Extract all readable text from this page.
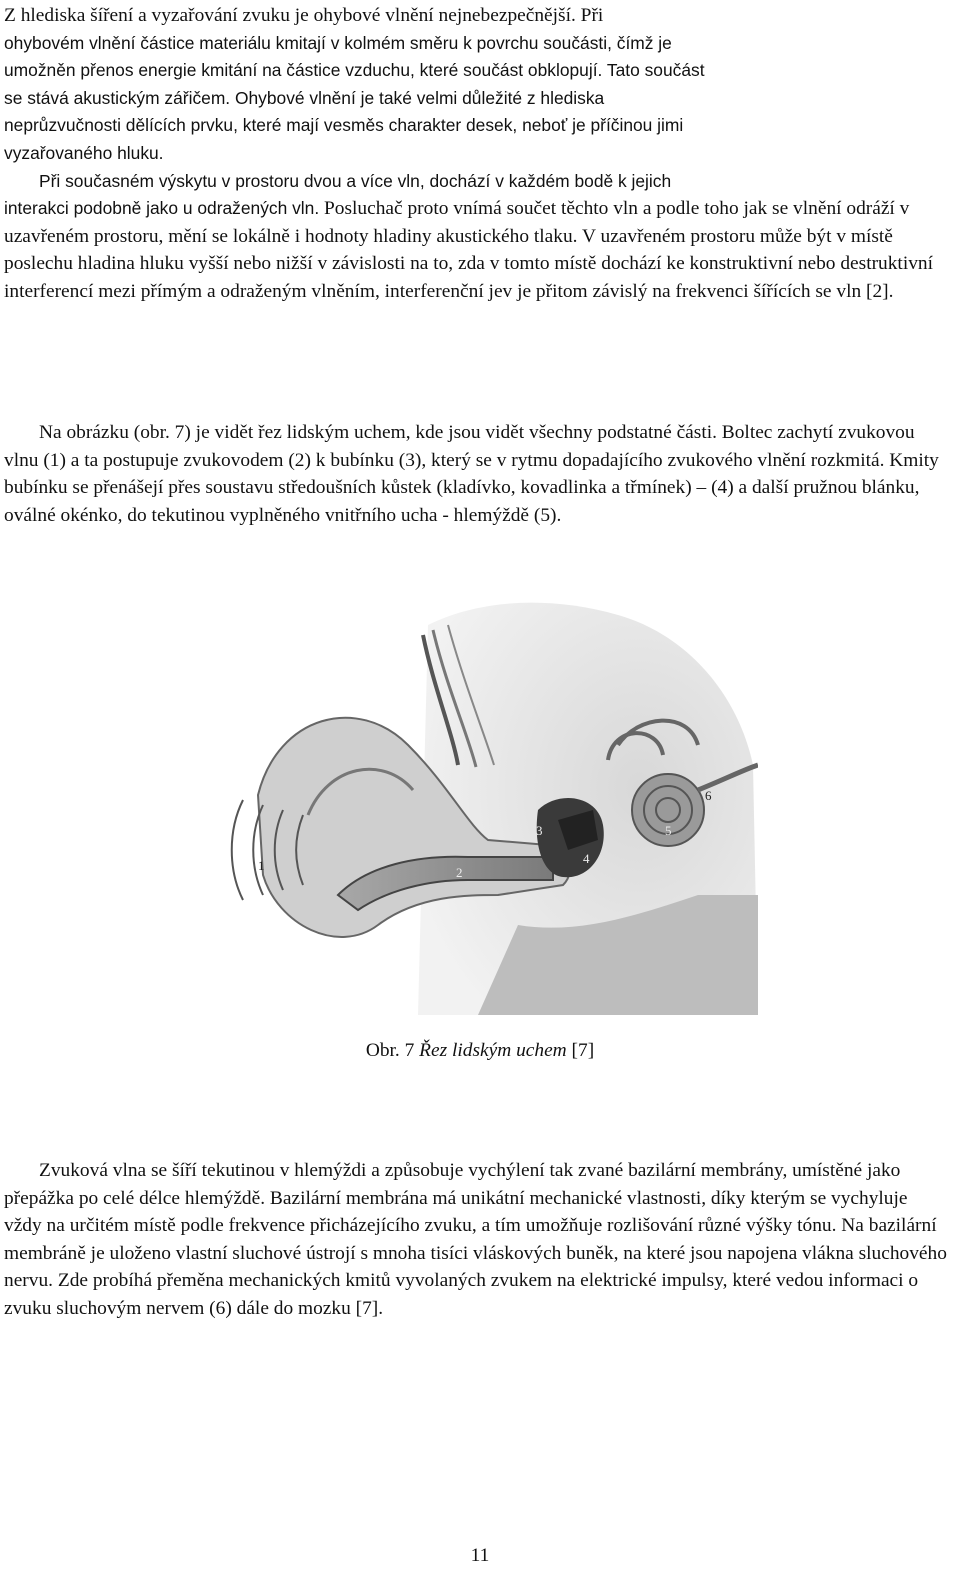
Z hlediska šíření a vyzařování zvuku je ohybové vlnění nejnebezpečnější. Při
ohybovém vlnění částice materiálu kmitají v kolmém směru k povrchu součásti, čímž je
umožněn přenos energie kmitání na částice vzduchu, které součást obklopují. Tato součást
se stává akustickým zářičem. Ohybové vlnění je také velmi důležité z hlediska
neprůzvučnosti dělících prvku, které mají vesměs charakter desek, neboť je příčinou jimi
vyzařovaného hluku.
Při současném výskytu v prostoru dvou a více vln, dochází v každém bodě k jejich
interakci podobně jako u odražených vln. Posluchač proto vnímá součet těchto vln a podle toho jak se vlnění odráží v uzavřeném prostoru, mění se lokálně i hodnoty hladiny akustického tlaku. V uzavřeném prostoru může být v místě poslechu hladina hluku vyšší nebo nižší v závislosti na to, zda v tomto místě dochází ke konstruktivní nebo destruktivní interferencí mezi přímým a odraženým vlněním, interferenční jev je přitom závislý na frekvenci šířících se vln [2].

Na obrázku (obr. 7) je vidět řez lidským uchem, kde jsou vidět všechny podstatné části. Boltec zachytí zvukovou vlnu (1) a ta postupuje zvukovodem (2) k bubínku (3), který se v rytmu dopadajícího zvukového vlnění rozkmitá. Kmity bubínku se přenášejí přes soustavu středoušních kůstek (kladívko, kovadlinka a třmínek) – (4) a další pružnou blánku, oválné okénko, do tekutinou vyplněného vnitřního ucha - hlemýždě (5).

1	2
3
4
5
6
Obr. 7 Řez lidským uchem [7]

Zvuková vlna se šíří tekutinou v hlemýždi a způsobuje vychýlení tak zvané bazilární membrány, umístěné jako přepážka po celé délce hlemýždě. Bazilární membrána má unikátní mechanické vlastnosti, díky kterým se vychyluje vždy na určitém místě podle frekvence přicházejícího zvuku, a tím umožňuje rozlišování různé výšky tónu. Na bazilární membráně je uloženo vlastní sluchové ústrojí s mnoha tisíci vláskových buněk, na které jsou napojena vlákna sluchového nervu. Zde probíhá přeměna mechanických kmitů vyvolaných zvukem na elektrické impulsy, které vedou informaci o zvuku sluchovým nervem (6) dále do mozku [7].

11
